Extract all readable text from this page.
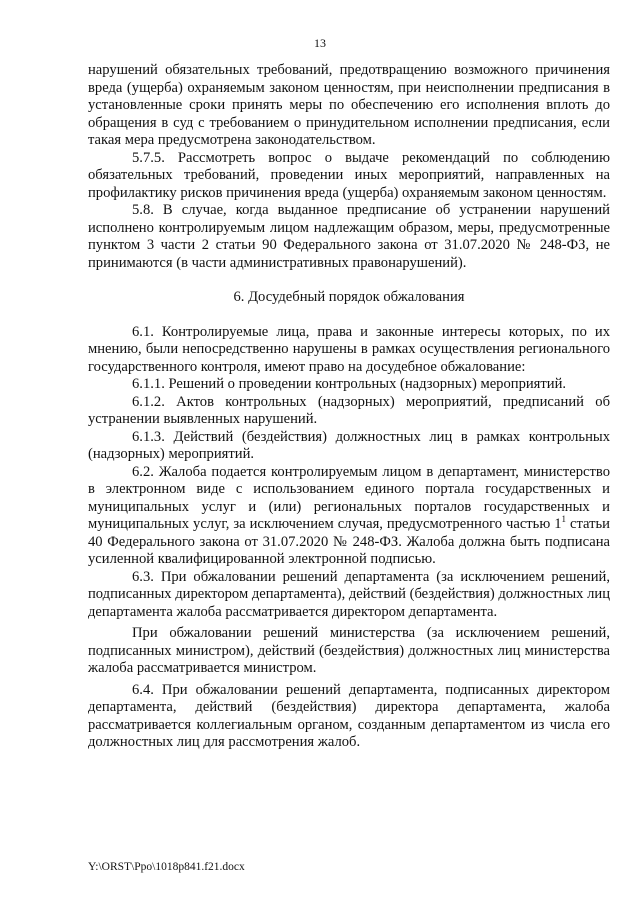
13

нарушений обязательных требований, предотвращению возможного причинения вреда (ущерба) охраняемым законом ценностям, при неисполнении предписания в установленные сроки принять меры по обеспечению его исполнения вплоть до обращения в суд с требованием о принудительном исполнении предписания, если такая мера предусмотрена законодательством.

5.7.5. Рассмотреть вопрос о выдаче рекомендаций по соблюдению обязательных требований, проведении иных мероприятий, направленных на профилактику рисков причинения вреда (ущерба) охраняемым законом ценностям.

5.8. В случае, когда выданное предписание об устранении нарушений исполнено контролируемым лицом надлежащим образом, меры, предусмотренные пунктом 3 части 2 статьи 90 Федерального закона от 31.07.2020 № 248-ФЗ, не принимаются (в части административных правонарушений).

6. Досудебный порядок обжалования

6.1. Контролируемые лица, права и законные интересы которых, по их мнению, были непосредственно нарушены в рамках осуществления регионального государственного контроля, имеют право на досудебное обжалование:

6.1.1. Решений о проведении контрольных (надзорных) мероприятий.

6.1.2. Актов контрольных (надзорных) мероприятий, предписаний об устранении выявленных нарушений.

6.1.3. Действий (бездействия) должностных лиц в рамках контрольных (надзорных) мероприятий.

6.2. Жалоба подается контролируемым лицом в департамент, министерство в электронном виде с использованием единого портала государственных и муниципальных услуг и (или) региональных порталов государственных и муниципальных услуг, за исключением случая, предусмотренного частью $1^1$ статьи 40 Федерального закона от 31.07.2020 № 248-ФЗ. Жалоба должна быть подписана усиленной квалифицированной электронной подписью.

6.3. При обжаловании решений департамента (за исключением решений, подписанных директором департамента), действий (бездействия) должностных лиц департамента жалоба рассматривается директором департамента.

При обжаловании решений министерства (за исключением решений, подписанных министром), действий (бездействия) должностных лиц министерства жалоба рассматривается министром.

6.4. При обжаловании решений департамента, подписанных директором департамента, действий (бездействия) директора департамента, жалоба рассматривается коллегиальным органом, созданным департаментом из числа его должностных лиц для рассмотрения жалоб.

Y:\ORST\Ppo\1018p841.f21.docx
